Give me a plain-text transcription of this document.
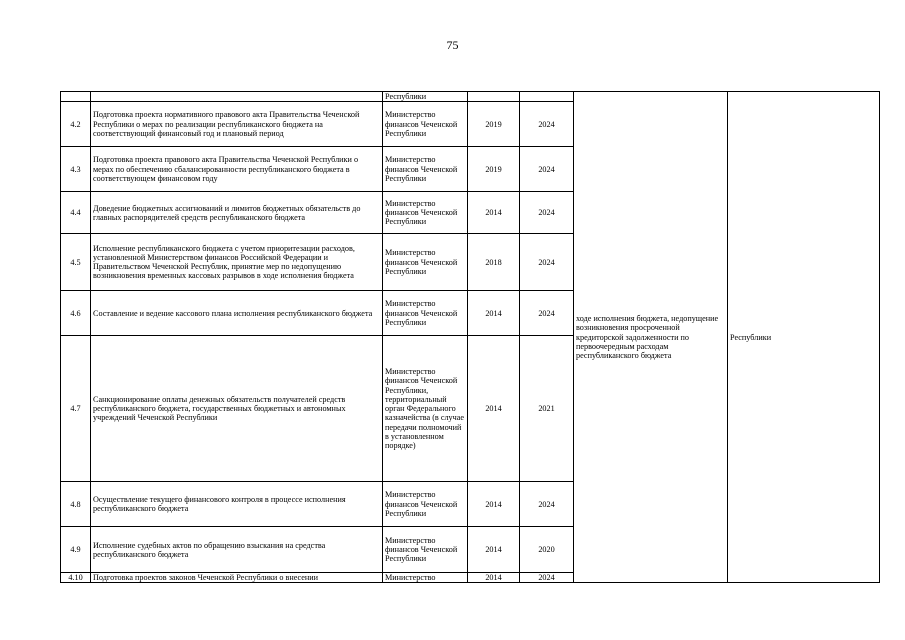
75
		Республики			ходе исполнения бюджета, недопущение возникновения просроченной кредиторской задолженности по первоочередным расходам республиканского бюджета	Республики
4.2	Подготовка проекта нормативного правового акта Правительства Чеченской Республики о мерах по реализации республиканского бюджета на соответствующий финансовый год и плановый период	Министерство финансов Чеченской Республики	2019	2024		
4.3	Подготовка проекта правового акта Правительства Чеченской Республики о мерах по обеспечению сбалансированности республиканского бюджета в соответствующем финансовом году	Министерство финансов Чеченской Республики	2019	2024		
4.4	Доведение бюджетных ассигнований и лимитов бюджетных обязательств до главных распорядителей средств республиканского бюджета	Министерство финансов Чеченской Республики	2014	2024		
4.5	Исполнение республиканского бюджета с учетом приоритезации расходов, установленной Министерством финансов Российской Федерации и Правительством Чеченской Республик, принятие мер по недопущению возникновения временных кассовых разрывов в ходе исполнения бюджета	Министерство финансов Чеченской Республики	2018	2024		
4.6	Составление и ведение кассового плана исполнения республиканского бюджета	Министерство финансов Чеченской Республики	2014	2024		
4.7	Санкционирование оплаты денежных обязательств получателей средств республиканского бюджета, государственных бюджетных и автономных учреждений Чеченской Республики	Министерство финансов Чеченской Республики, территориальный орган Федерального казначейства (в случае передачи полномочий в установленном порядке)	2014	2021		
4.8	Осуществление текущего финансового контроля в процессе исполнения республиканского бюджета	Министерство финансов Чеченской Республики	2014	2024		
4.9	Исполнение судебных актов по обращению взыскания на средства республиканского бюджета	Министерство финансов Чеченской Республики	2014	2020		
4.10	Подготовка проектов законов Чеченской Республики о внесении	Министерство	2014	2024		
